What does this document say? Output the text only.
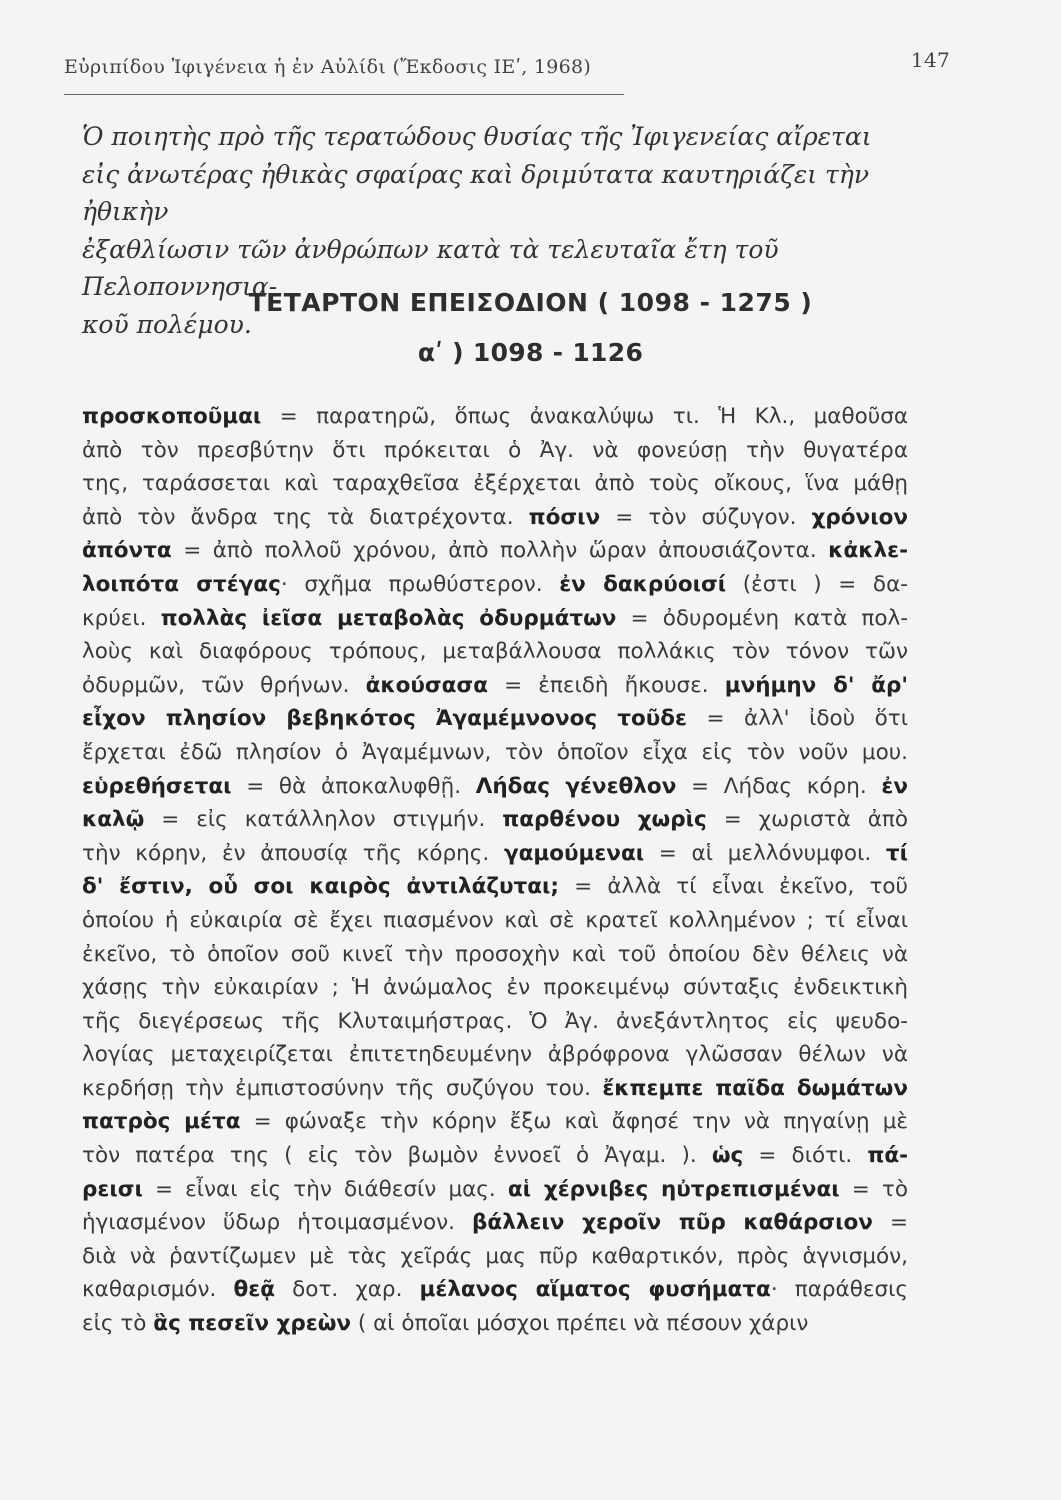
Εὐριπίδου Ἰφιγένεια ἡ ἐν Αὐλίδι (Ἔκδοσις ΙΕʹ, 1968)	147
Ὁ ποιητὴς πρὸ τῆς τερατώδους θυσίας τῆς Ἰφιγενείας αἴρεται
εἰς ἀνωτέρας ἠθικὰς σφαίρας καὶ δριμύτατα καυτηριάζει τὴν ἠθικὴν
ἐξαθλίωσιν τῶν ἀνθρώπων κατὰ τὰ τελευταῖα ἔτη τοῦ Πελοποννησια-
κοῦ πολέμου.
ΤΕΤΑΡΤΟΝ ΕΠΕΙΣΟΔΙΟΝ ( 1098 - 1275 )
αʹ ) 1098 - 1126
προσκοποῦμαι = παρατηρῶ, ὅπως ἀνακαλύψω τι. Ἡ Κλ., μαθοῦσα
ἀπὸ τὸν πρεσβύτην ὅτι πρόκειται ὁ Ἀγ. νὰ φονεύσῃ τὴν θυγατέρα
της, ταράσσεται καὶ ταραχθεῖσα ἐξέρχεται ἀπὸ τοὺς οἴκους, ἵνα μάθῃ
ἀπὸ τὸν ἄνδρα της τὰ διατρέχοντα. πόσιν = τὸν σύζυγον. χρόνιον
ἀπόντα = ἀπὸ πολλοῦ χρόνου, ἀπὸ πολλὴν ὥραν ἀπουσιάζοντα. κἀκλε-
λοιπότα στέγας· σχῆμα πρωθύστερον. ἐν δακρύοισί (ἐστι ) = δα-
κρύει. πολλὰς ἰεῖσα μεταβολὰς ὀδυρμάτων = ὀδυρομένη κατὰ πολ-
λοὺς καὶ διαφόρους τρόπους, μεταβάλλουσα πολλάκις τὸν τόνον τῶν
ὀδυρμῶν, τῶν θρήνων. ἀκούσασα = ἐπειδὴ ἤκουσε. μνήμην δ' ἄρ'
εἶχον πλησίον βεβηκότος Ἀγαμέμνονος τοῦδε = ἀλλ' ἰδοὺ ὅτι
ἔρχεται ἐδῶ πλησίον ὁ Ἀγαμέμνων, τὸν ὁποῖον εἶχα εἰς τὸν νοῦν μου.
εὑρεθήσεται = θὰ ἀποκαλυφθῇ. Λήδας γένεθλον = Λήδας κόρη. ἐν
καλῷ = εἰς κατάλληλον στιγμήν. παρθένου χωρὶς = χωριστὰ ἀπὸ
τὴν κόρην, ἐν ἀπουσίᾳ τῆς κόρης. γαμούμεναι = αἱ μελλόνυμφοι. τί
δ' ἔστιν, οὗ σοι καιρὸς ἀντιλάζυται; = ἀλλὰ τί εἶναι ἐκεῖνο, τοῦ
ὁποίου ἡ εὐκαιρία σὲ ἔχει πιασμένον καὶ σὲ κρατεῖ κολλημένον ; τί εἶναι
ἐκεῖνο, τὸ ὁποῖον σοῦ κινεῖ τὴν προσοχὴν καὶ τοῦ ὁποίου δὲν θέλεις νὰ
χάσῃς τὴν εὐκαιρίαν ; Ἡ ἀνώμαλος ἐν προκειμένῳ σύνταξις ἐνδεικτικὴ
τῆς διεγέρσεως τῆς Κλυταιμήστρας. Ὁ Ἀγ. ἀνεξάντλητος εἰς ψευδο-
λογίας μεταχειρίζεται ἐπιτετηδευμένην ἀβρόφρονα γλῶσσαν θέλων νὰ
κερδήσῃ τὴν ἐμπιστοσύνην τῆς συζύγου του. ἔκπεμπε παῖδα δωμάτων
πατρὸς μέτα = φώναξε τὴν κόρην ἔξω καὶ ἄφησέ την νὰ πηγαίνῃ μὲ
τὸν πατέρα της ( εἰς τὸν βωμὸν ἐννοεῖ ὁ Ἀγαμ. ). ὡς = διότι. πά-
ρεισι = εἶναι εἰς τὴν διάθεσίν μας. αἱ χέρνιβες ηὐτρεπισμέναι = τὸ
ἡγιασμένον ὕδωρ ἡτοιμασμένον. βάλλειν χεροῖν πῦρ καθάρσιον =
διὰ νὰ ῥαντίζωμεν μὲ τὰς χεῖράς μας πῦρ καθαρτικόν, πρὸς ἁγνισμόν,
καθαρισμόν. θεᾷ δοτ. χαρ. μέλανος αἵματος φυσήματα· παράθεσις
εἰς τὸ ἃς πεσεῖν χρεὼν ( αἱ ὁποῖαι μόσχοι πρέπει νὰ πέσουν χάριν
